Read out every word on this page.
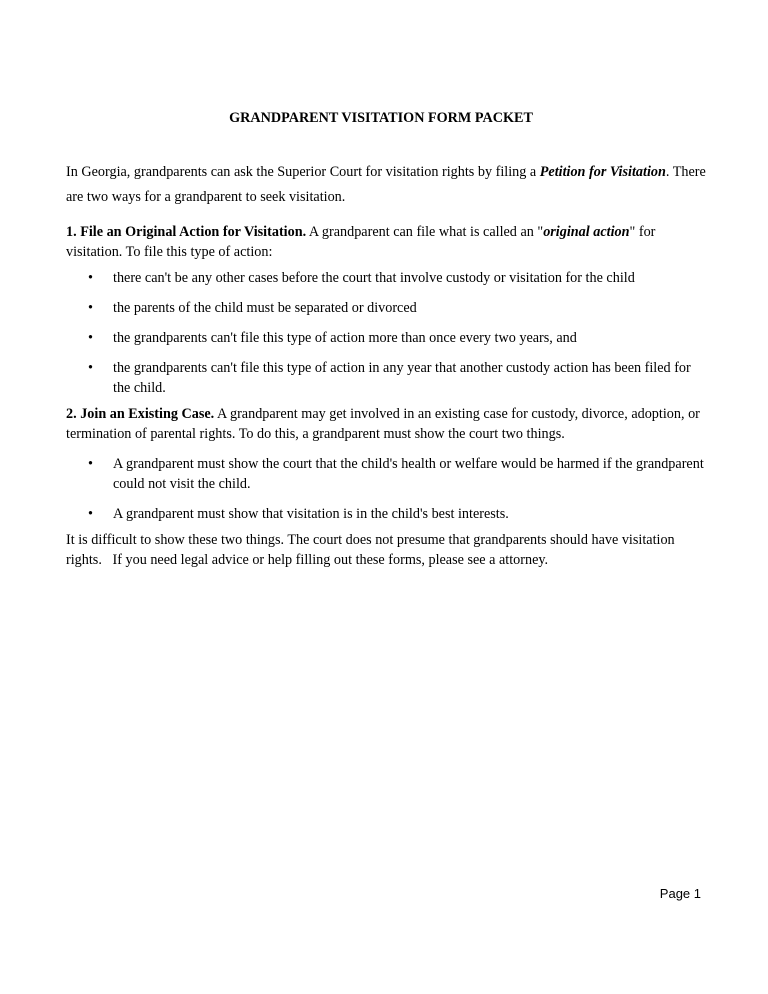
GRANDPARENT VISITATION FORM PACKET

In Georgia, grandparents can ask the Superior Court for visitation rights by filing a Petition for Visitation. There are two ways for a grandparent to seek visitation.

1. File an Original Action for Visitation. A grandparent can file what is called an "original action" for visitation. To file this type of action:

• there can't be any other cases before the court that involve custody or visitation for the child
• the parents of the child must be separated or divorced
• the grandparents can't file this type of action more than once every two years, and
• the grandparents can't file this type of action in any year that another custody action has been filed for the child.

2. Join an Existing Case. A grandparent may get involved in an existing case for custody, divorce, adoption, or termination of parental rights. To do this, a grandparent must show the court two things.

• A grandparent must show the court that the child's health or welfare would be harmed if the grandparent could not visit the child.
• A grandparent must show that visitation is in the child's best interests.

It is difficult to show these two things. The court does not presume that grandparents should have visitation rights.   If you need legal advice or help filling out these forms, please see a attorney.

Page 1
